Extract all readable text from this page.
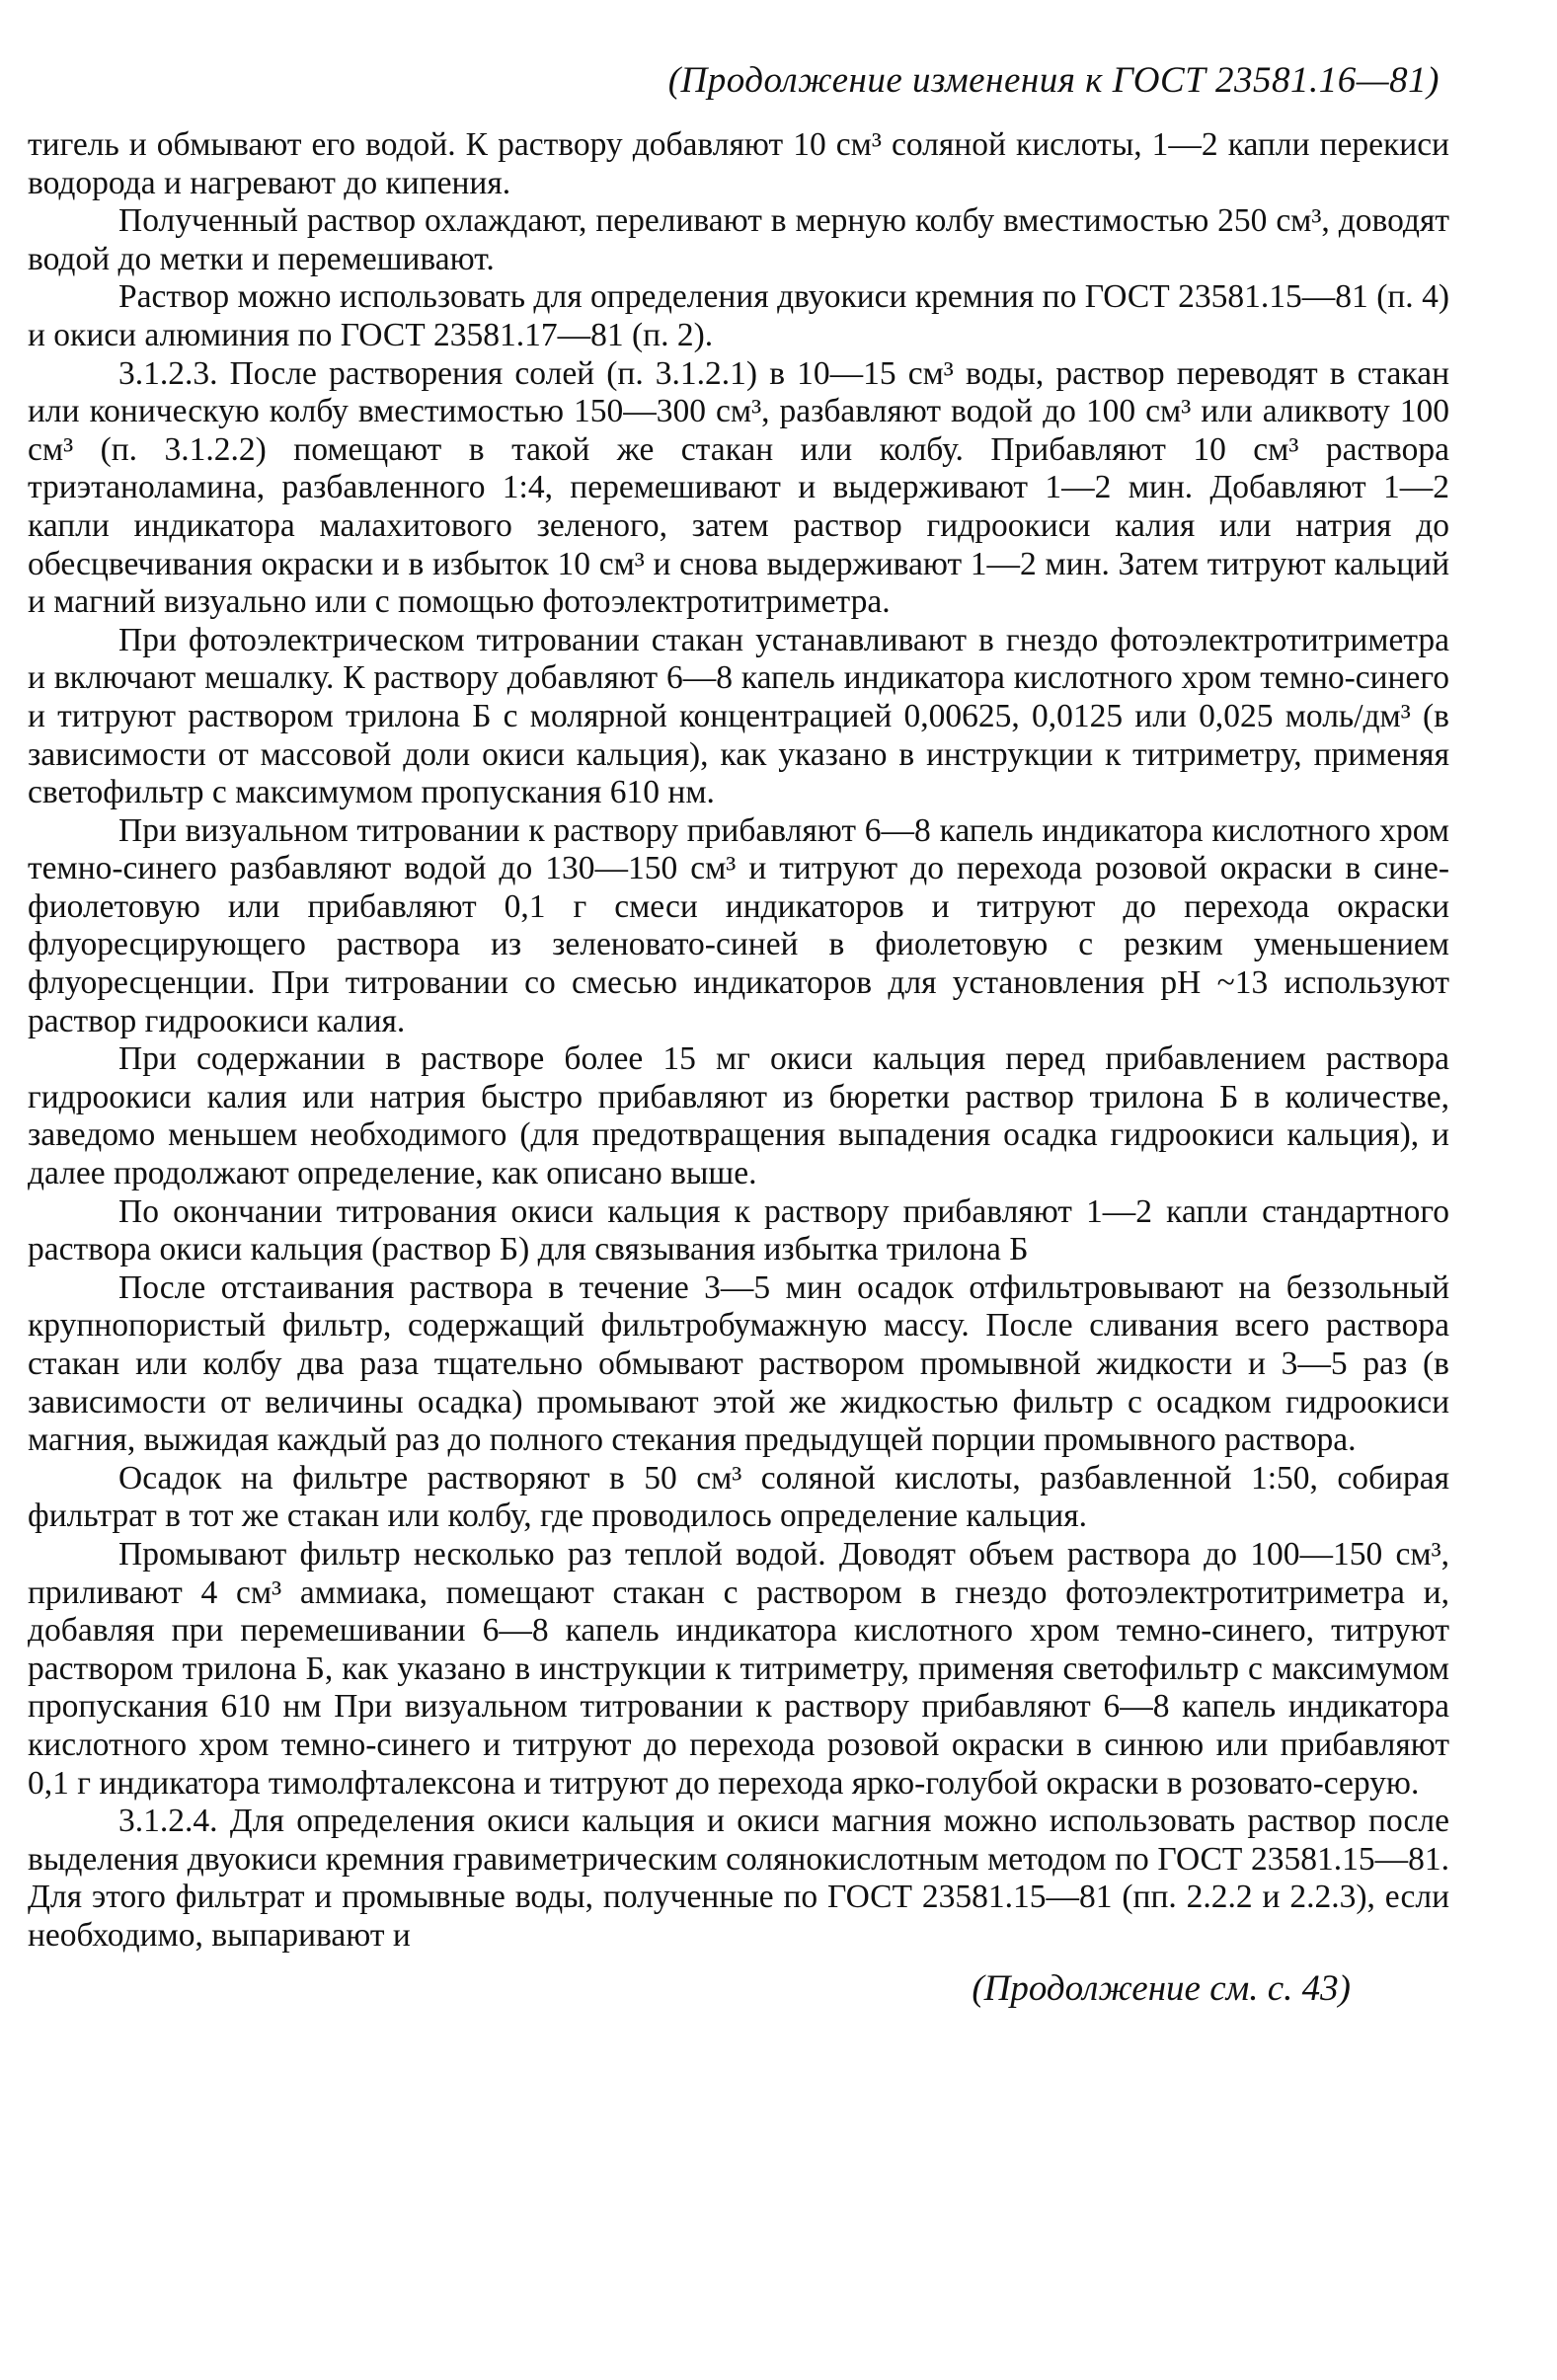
(Продолжение изменения к ГОСТ 23581.16—81)

тигель и обмывают его водой. К раствору добавляют 10 см³ соляной кислоты, 1—2 капли перекиси водорода и нагревают до кипения.

Полученный раствор охлаждают, переливают в мерную колбу вместимостью 250 см³, доводят водой до метки и перемешивают.

Раствор можно использовать для определения двуокиси кремния по ГОСТ 23581.15—81 (п. 4) и окиси алюминия по ГОСТ 23581.17—81 (п. 2).

3.1.2.3. После растворения солей (п. 3.1.2.1) в 10—15 см³ воды, раствор переводят в стакан или коническую колбу вместимостью 150—300 см³, разбавляют водой до 100 см³ или аликвоту 100 см³ (п. 3.1.2.2) помещают в такой же стакан или колбу. Прибавляют 10 см³ раствора триэтаноламина, разбавленного 1:4, перемешивают и выдерживают 1—2 мин. Добавляют 1—2 капли индикатора малахитового зеленого, затем раствор гидроокиси калия или натрия до обесцвечивания окраски и в избыток 10 см³ и снова выдерживают 1—2 мин. Затем титруют кальций и магний визуально или с помощью фотоэлектротитриметра.

При фотоэлектрическом титровании стакан устанавливают в гнездо фотоэлектротитриметра и включают мешалку. К раствору добавляют 6—8 капель индикатора кислотного хром темно-синего и титруют раствором трилона Б с молярной концентрацией 0,00625, 0,0125 или 0,025 моль/дм³ (в зависимости от массовой доли окиси кальция), как указано в инструкции к титриметру, применяя светофильтр с максимумом пропускания 610 нм.

При визуальном титровании к раствору прибавляют 6—8 капель индикатора кислотного хром темно-синего разбавляют водой до 130—150 см³ и титруют до перехода розовой окраски в сине-фиолетовую или прибавляют 0,1 г смеси индикаторов и титруют до перехода окраски флуоресцирующего раствора из зеленовато-синей в фиолетовую с резким уменьшением флуоресценции. При титровании со смесью индикаторов для установления pH ~13 используют раствор гидроокиси калия.

При содержании в растворе более 15 мг окиси кальция перед прибавлением раствора гидроокиси калия или натрия быстро прибавляют из бюретки раствор трилона Б в количестве, заведомо меньшем необходимого (для предотвращения выпадения осадка гидроокиси кальция), и далее продолжают определение, как описано выше.

По окончании титрования окиси кальция к раствору прибавляют 1—2 капли стандартного раствора окиси кальция (раствор Б) для связывания избытка трилона Б

После отстаивания раствора в течение 3—5 мин осадок отфильтровывают на беззольный крупнопористый фильтр, содержащий фильтробумажную массу. После сливания всего раствора стакан или колбу два раза тщательно обмывают раствором промывной жидкости и 3—5 раз (в зависимости от величины осадка) промывают этой же жидкостью фильтр с осадком гидроокиси магния, выжидая каждый раз до полного стекания предыдущей порции промывного раствора.

Осадок на фильтре растворяют в 50 см³ соляной кислоты, разбавленной 1:50, собирая фильтрат в тот же стакан или колбу, где проводилось определение кальция.

Промывают фильтр несколько раз теплой водой. Доводят объем раствора до 100—150 см³, приливают 4 см³ аммиака, помещают стакан с раствором в гнездо фотоэлектротитриметра и, добавляя при перемешивании 6—8 капель индикатора кислотного хром темно-синего, титруют раствором трилона Б, как указано в инструкции к титриметру, применяя светофильтр с максимумом пропускания 610 нм При визуальном титровании к раствору прибавляют 6—8 капель индикатора кислотного хром темно-синего и титруют до перехода розовой окраски в синюю или прибавляют 0,1 г индикатора тимолфталексона и титруют до перехода ярко-голубой окраски в розовато-серую.

3.1.2.4. Для определения окиси кальция и окиси магния можно использовать раствор после выделения двуокиси кремния гравиметрическим солянокислотным методом по ГОСТ 23581.15—81. Для этого фильтрат и промывные воды, полученные по ГОСТ 23581.15—81 (пп. 2.2.2 и 2.2.3), если необходимо, выпаривают и

(Продолжение см. с. 43)
